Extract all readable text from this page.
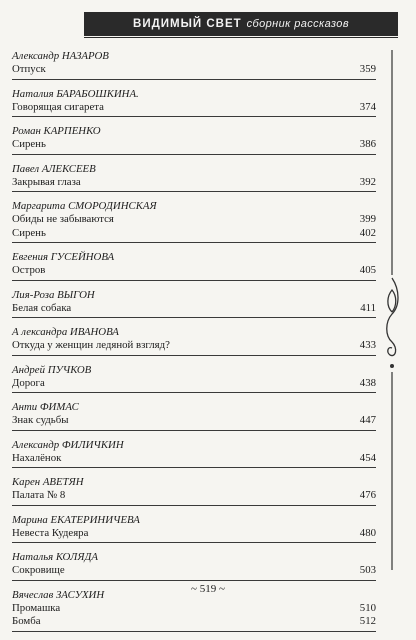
ВИДИМЫЙ СВЕТ сборник рассказов
Александр НАЗАРОВ
Отпуск	359
Наталия БАРАБОШКИНА.
Говорящая сигарета	374
Роман КАРПЕНКО
Сирень	386
Павел АЛЕКСЕЕВ
Закрывая глаза	392
Маргарита СМОРОДИНСКАЯ
Обиды не забываются	399
Сирень	402
Евгения ГУСЕЙНОВА
Остров	405
Лия-Роза ВЫГОН
Белая собака	411
А лександра ИВАНОВА
Откуда у женщин ледяной взгляд?	433
Андрей ПУЧКОВ
Дорога	438
Анти ФИМАС
Знак судьбы	447
Александр ФИЛИЧКИН
Нахалёнок	454
Карен АВЕТЯН
Палата № 8	476
Марина ЕКАТЕРИНИЧЕВА
Невеста Кудеяра	480
Наталья КОЛЯДА
Сокровище	503
Вячеслав ЗАСУХИН
Промашка	510
Бомба	512
~ 519 ~
